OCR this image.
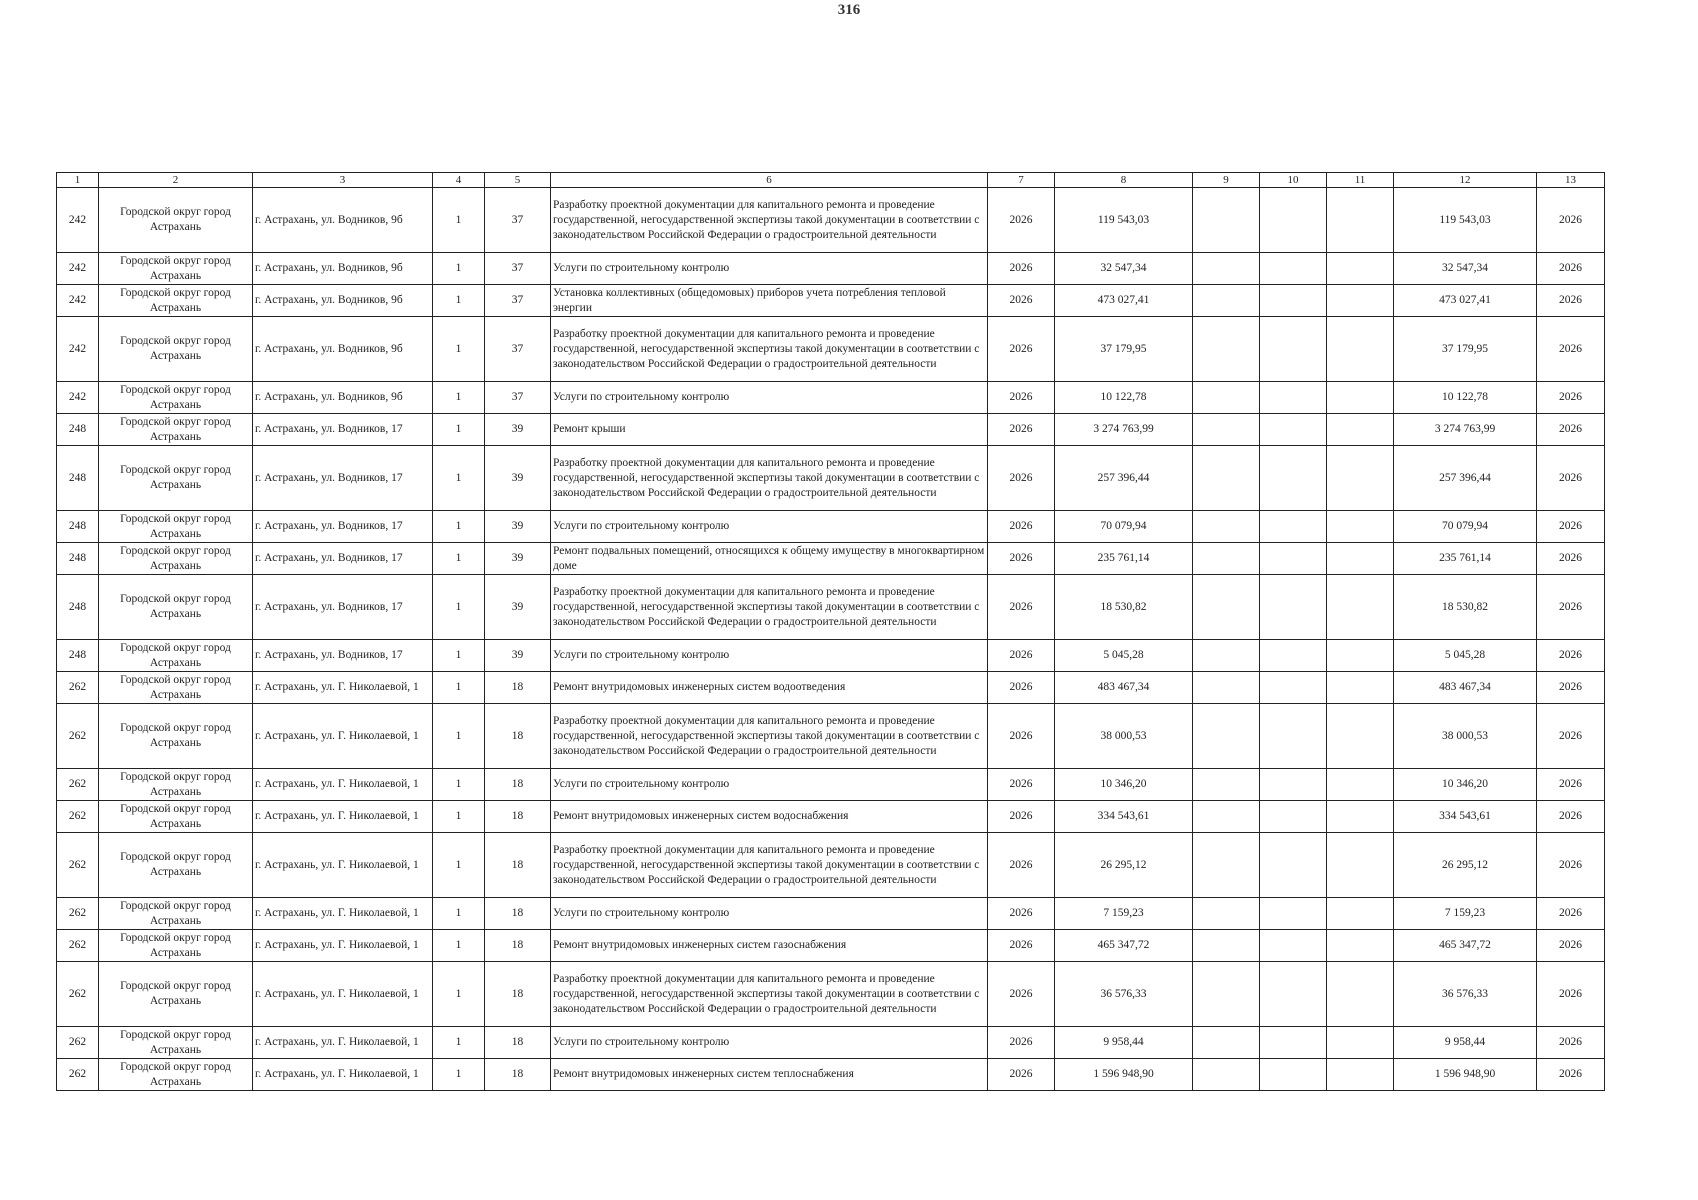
316
1	2	3	4	5	6	7	8	9	10	11	12	13
242	Городской округ город Астрахань	г. Астрахань, ул. Водников, 9б	1	37	Разработку проектной документации для капитального ремонта и проведение государственной, негосударственной экспертизы такой документации в соответствии с законодательством Российской Федерации о градостроительной деятельности	2026	119 543,03				119 543,03	2026
242	Городской округ город Астрахань	г. Астрахань, ул. Водников, 9б	1	37	Услуги по строительному контролю	2026	32 547,34				32 547,34	2026
242	Городской округ город Астрахань	г. Астрахань, ул. Водников, 9б	1	37	Установка коллективных (общедомовых) приборов учета потребления тепловой энергии	2026	473 027,41				473 027,41	2026
242	Городской округ город Астрахань	г. Астрахань, ул. Водников, 9б	1	37	Разработку проектной документации для капитального ремонта и проведение государственной, негосударственной экспертизы такой документации в соответствии с законодательством Российской Федерации о градостроительной деятельности	2026	37 179,95				37 179,95	2026
242	Городской округ город Астрахань	г. Астрахань, ул. Водников, 9б	1	37	Услуги по строительному контролю	2026	10 122,78				10 122,78	2026
248	Городской округ город Астрахань	г. Астрахань, ул. Водников, 17	1	39	Ремонт крыши	2026	3 274 763,99				3 274 763,99	2026
248	Городской округ город Астрахань	г. Астрахань, ул. Водников, 17	1	39	Разработку проектной документации для капитального ремонта и проведение государственной, негосударственной экспертизы такой документации в соответствии с законодательством Российской Федерации о градостроительной деятельности	2026	257 396,44				257 396,44	2026
248	Городской округ город Астрахань	г. Астрахань, ул. Водников, 17	1	39	Услуги по строительному контролю	2026	70 079,94				70 079,94	2026
248	Городской округ город Астрахань	г. Астрахань, ул. Водников, 17	1	39	Ремонт подвальных помещений, относящихся к общему имуществу в многоквартирном доме	2026	235 761,14				235 761,14	2026
248	Городской округ город Астрахань	г. Астрахань, ул. Водников, 17	1	39	Разработку проектной документации для капитального ремонта и проведение государственной, негосударственной экспертизы такой документации в соответствии с законодательством Российской Федерации о градостроительной деятельности	2026	18 530,82				18 530,82	2026
248	Городской округ город Астрахань	г. Астрахань, ул. Водников, 17	1	39	Услуги по строительному контролю	2026	5 045,28				5 045,28	2026
262	Городской округ город Астрахань	г. Астрахань, ул. Г. Николаевой, 1	1	18	Ремонт внутридомовых инженерных систем водоотведения	2026	483 467,34				483 467,34	2026
262	Городской округ город Астрахань	г. Астрахань, ул. Г. Николаевой, 1	1	18	Разработку проектной документации для капитального ремонта и проведение государственной, негосударственной экспертизы такой документации в соответствии с законодательством Российской Федерации о градостроительной деятельности	2026	38 000,53				38 000,53	2026
262	Городской округ город Астрахань	г. Астрахань, ул. Г. Николаевой, 1	1	18	Услуги по строительному контролю	2026	10 346,20				10 346,20	2026
262	Городской округ город Астрахань	г. Астрахань, ул. Г. Николаевой, 1	1	18	Ремонт внутридомовых инженерных систем водоснабжения	2026	334 543,61				334 543,61	2026
262	Городской округ город Астрахань	г. Астрахань, ул. Г. Николаевой, 1	1	18	Разработку проектной документации для капитального ремонта и проведение государственной, негосударственной экспертизы такой документации в соответствии с законодательством Российской Федерации о градостроительной деятельности	2026	26 295,12				26 295,12	2026
262	Городской округ город Астрахань	г. Астрахань, ул. Г. Николаевой, 1	1	18	Услуги по строительному контролю	2026	7 159,23				7 159,23	2026
262	Городской округ город Астрахань	г. Астрахань, ул. Г. Николаевой, 1	1	18	Ремонт внутридомовых инженерных систем газоснабжения	2026	465 347,72				465 347,72	2026
262	Городской округ город Астрахань	г. Астрахань, ул. Г. Николаевой, 1	1	18	Разработку проектной документации для капитального ремонта и проведение государственной, негосударственной экспертизы такой документации в соответствии с законодательством Российской Федерации о градостроительной деятельности	2026	36 576,33				36 576,33	2026
262	Городской округ город Астрахань	г. Астрахань, ул. Г. Николаевой, 1	1	18	Услуги по строительному контролю	2026	9 958,44				9 958,44	2026
262	Городской округ город Астрахань	г. Астрахань, ул. Г. Николаевой, 1	1	18	Ремонт внутридомовых инженерных систем теплоснабжения	2026	1 596 948,90				1 596 948,90	2026
